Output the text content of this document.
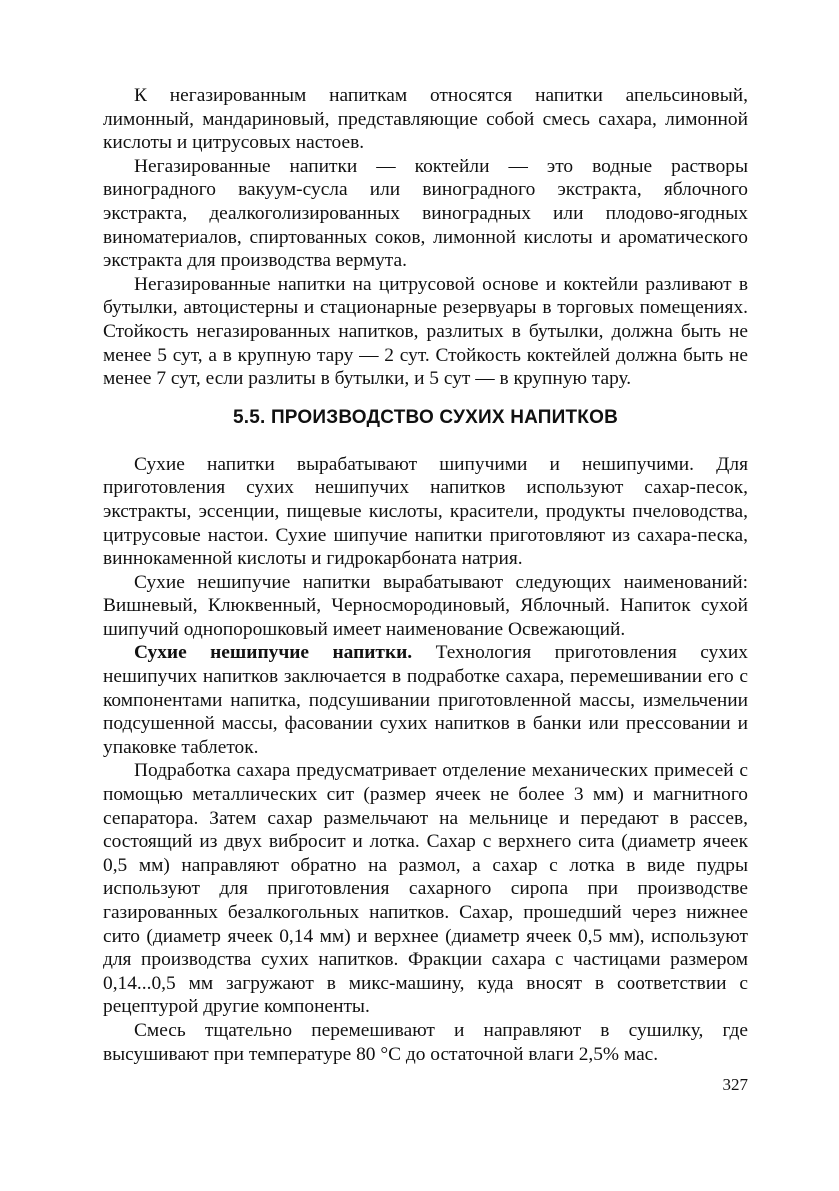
К негазированным напиткам относятся напитки апельсиновый, лимонный, мандариновый, представляющие собой смесь сахара, лимонной кислоты и цитрусовых настоев.

Негазированные напитки — коктейли — это водные растворы виноградного вакуум-сусла или виноградного экстракта, яблочного экстракта, деалкоголизированных виноградных или плодово-ягодных виноматериалов, спиртованных соков, лимонной кислоты и ароматического экстракта для производства вермута.

Негазированные напитки на цитрусовой основе и коктейли разливают в бутылки, автоцистерны и стационарные резервуары в торговых помещениях. Стойкость негазированных напитков, разлитых в бутылки, должна быть не менее 5 сут, а в крупную тару — 2 сут. Стойкость коктейлей должна быть не менее 7 сут, если разлиты в бутылки, и 5 сут — в крупную тару.

5.5. ПРОИЗВОДСТВО СУХИХ НАПИТКОВ

Сухие напитки вырабатывают шипучими и нешипучими. Для приготовления сухих нешипучих напитков используют сахар-песок, экстракты, эссенции, пищевые кислоты, красители, продукты пчеловодства, цитрусовые настои. Сухие шипучие напитки приготовляют из сахара-песка, виннокаменной кислоты и гидрокарбоната натрия.

Сухие нешипучие напитки вырабатывают следующих наименований: Вишневый, Клюквенный, Черносмородиновый, Яблочный. Напиток сухой шипучий однопорошковый имеет наименование Освежающий.

Сухие нешипучие напитки. Технология приготовления сухих нешипучих напитков заключается в подработке сахара, перемешивании его с компонентами напитка, подсушивании приготовленной массы, измельчении подсушенной массы, фасовании сухих напитков в банки или прессовании и упаковке таблеток.

Подработка сахара предусматривает отделение механических примесей с помощью металлических сит (размер ячеек не более 3 мм) и магнитного сепаратора. Затем сахар размельчают на мельнице и передают в рассев, состоящий из двух вибросит и лотка. Сахар с верхнего сита (диаметр ячеек 0,5 мм) направляют обратно на размол, а сахар с лотка в виде пудры используют для приготовления сахарного сиропа при производстве газированных безалкогольных напитков. Сахар, прошедший через нижнее сито (диаметр ячеек 0,14 мм) и верхнее (диаметр ячеек 0,5 мм), используют для производства сухих напитков. Фракции сахара с частицами размером 0,14...0,5 мм загружают в микс-машину, куда вносят в соответствии с рецептурой другие компоненты.

Смесь тщательно перемешивают и направляют в сушилку, где высушивают при температуре 80 °С до остаточной влаги 2,5% мас.

327
